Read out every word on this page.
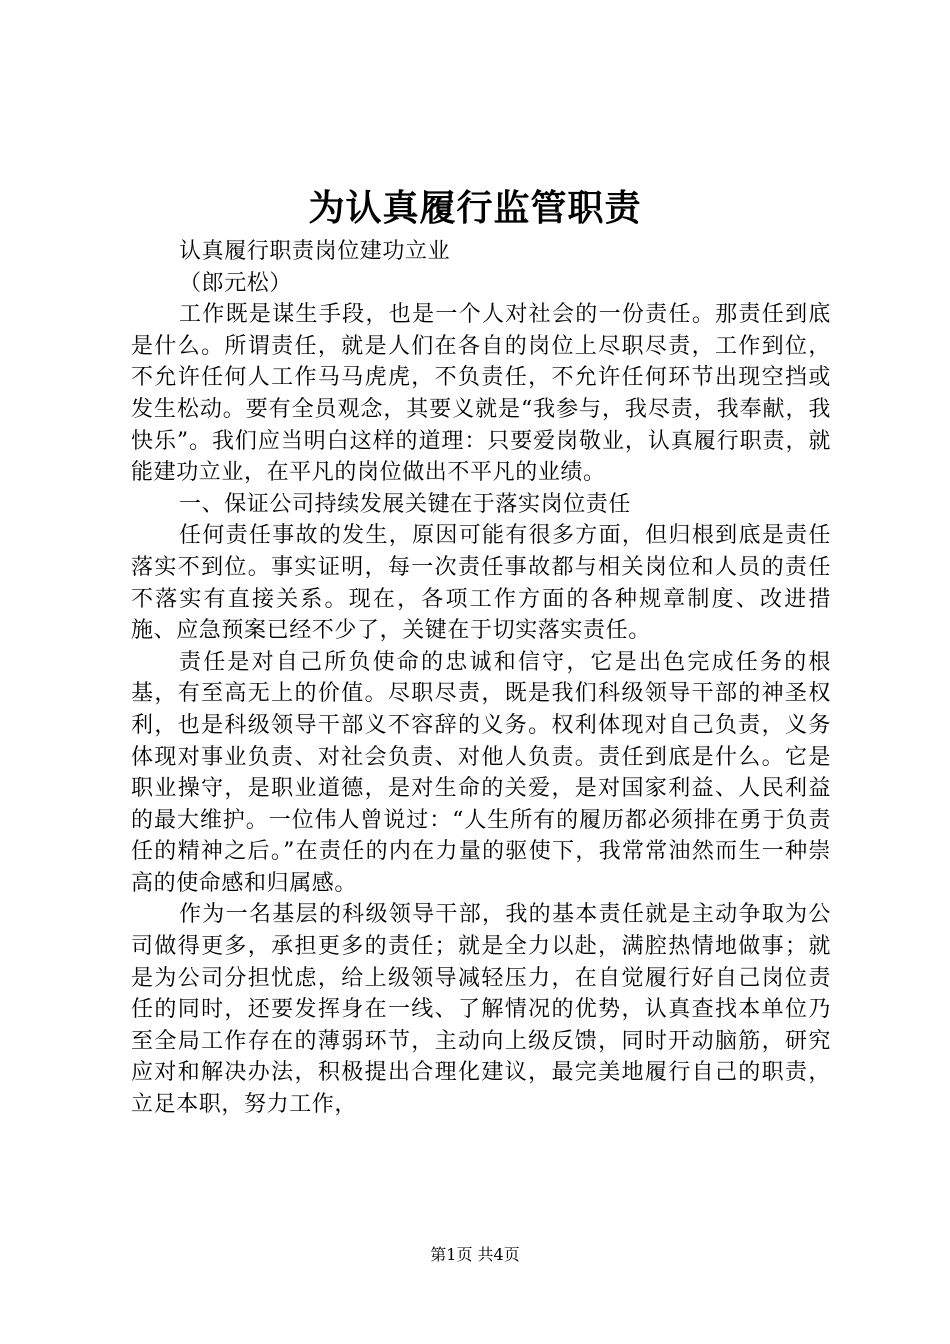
为认真履行监管职责

认真履行职责岗位建功立业

（郎元松）

工作既是谋生手段，也是一个人对社会的一份责任。那责任到底是什么。所谓责任，就是人们在各自的岗位上尽职尽责，工作到位，不允许任何人工作马马虎虎，不负责任，不允许任何环节出现空挡或发生松动。要有全员观念，其要义就是“我参与，我尽责，我奉献，我快乐”。我们应当明白这样的道理：只要爱岗敬业，认真履行职责，就能建功立业，在平凡的岗位做出不平凡的业绩。

一、保证公司持续发展关键在于落实岗位责任

任何责任事故的发生，原因可能有很多方面，但归根到底是责任落实不到位。事实证明，每一次责任事故都与相关岗位和人员的责任不落实有直接关系。现在，各项工作方面的各种规章制度、改进措施、应急预案已经不少了，关键在于切实落实责任。

责任是对自己所负使命的忠诚和信守，它是出色完成任务的根基，有至高无上的价值。尽职尽责，既是我们科级领导干部的神圣权利，也是科级领导干部义不容辞的义务。权利体现对自己负责，义务体现对事业负责、对社会负责、对他人负责。责任到底是什么。它是职业操守，是职业道德，是对生命的关爱，是对国家利益、人民利益的最大维护。一位伟人曾说过：“人生所有的履历都必须排在勇于负责任的精神之后。”在责任的内在力量的驱使下，我常常油然而生一种崇高的使命感和归属感。

作为一名基层的科级领导干部，我的基本责任就是主动争取为公司做得更多，承担更多的责任；就是全力以赴，满腔热情地做事；就是为公司分担忧虑，给上级领导减轻压力，在自觉履行好自己岗位责任的同时，还要发挥身在一线、了解情况的优势，认真查找本单位乃至全局工作存在的薄弱环节，主动向上级反馈，同时开动脑筋，研究应对和解决办法，积极提出合理化建议，最完美地履行自己的职责，立足本职，努力工作，

第1页 共4页
